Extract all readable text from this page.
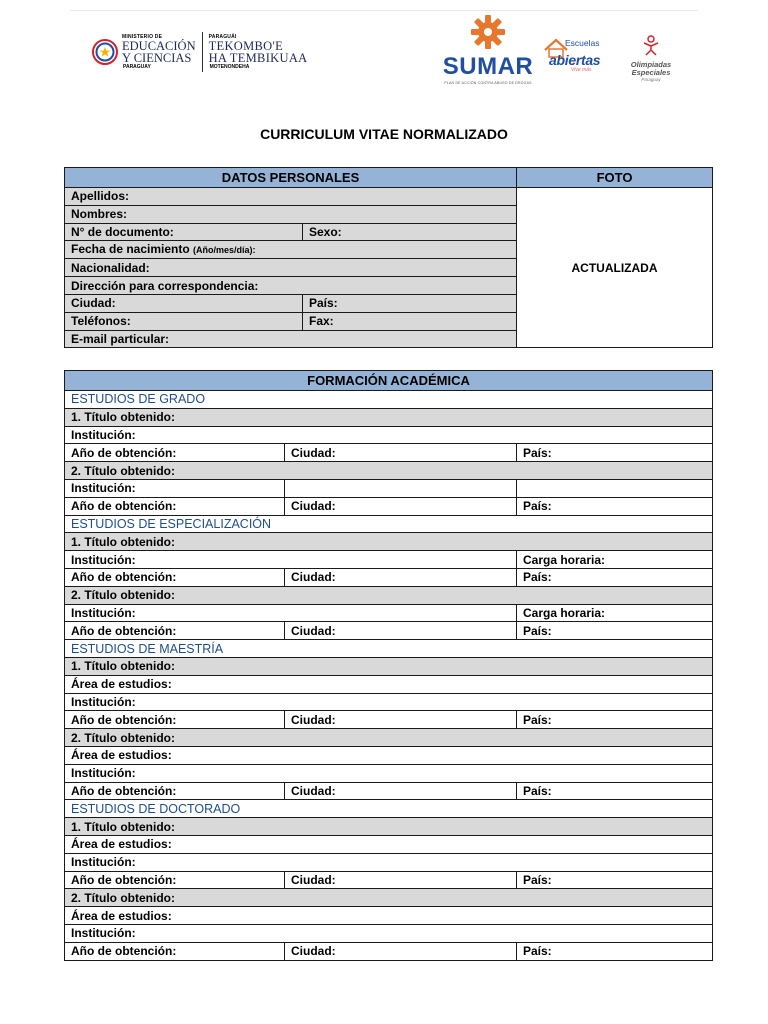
MINISTERIO DE
EDUCACIÓN
Y CIENCIAS
PARAGUAY
PARAGUÁI
TEKOMBO'E
HA TEMBIKUAA
MOTENONDEHA	SUMAR
PLAN DE ACCIÓN CONTRA ABUSO DE DROGAS
Escuelas
abiertas
Vive más
Olimpiadas
Especiales
Paraguay
CURRICULUM VITAE NORMALIZADO
DATOS PERSONALES		FOTO
Apellidos:		ACTUALIZADA
Nombres:		
N° de documento:	Sexo:	
Fecha de nacimiento (Año/mes/día):		
Nacionalidad:		
Dirección para correspondencia:		
Ciudad:	País:	
Teléfonos:	Fax:	
E-mail particular:		
FORMACIÓN ACADÉMICA		
ESTUDIOS DE GRADO		
1. Título obtenido:		
Institución:		
Año de obtención:	Ciudad:	País:
2. Título obtenido:		
Institución:		
Año de obtención:	Ciudad:	País:
ESTUDIOS DE ESPECIALIZACIÓN		
1. Título obtenido:		
Institución:		Carga horaria:
Año de obtención:	Ciudad:	País:
2. Título obtenido:		
Institución:		Carga horaria:
Año de obtención:	Ciudad:	País:
ESTUDIOS DE MAESTRÍA		
1. Título obtenido:		
Área de estudios:		
Institución:		
Año de obtención:	Ciudad:	País:
2. Título obtenido:		
Área de estudios:		
Institución:		
Año de obtención:	Ciudad:	País:
ESTUDIOS DE DOCTORADO		
1. Título obtenido:		
Área de estudios:		
Institución:		
Año de obtención:	Ciudad:	País:
2. Título obtenido:		
Área de estudios:		
Institución:		
Año de obtención:	Ciudad:	País:
